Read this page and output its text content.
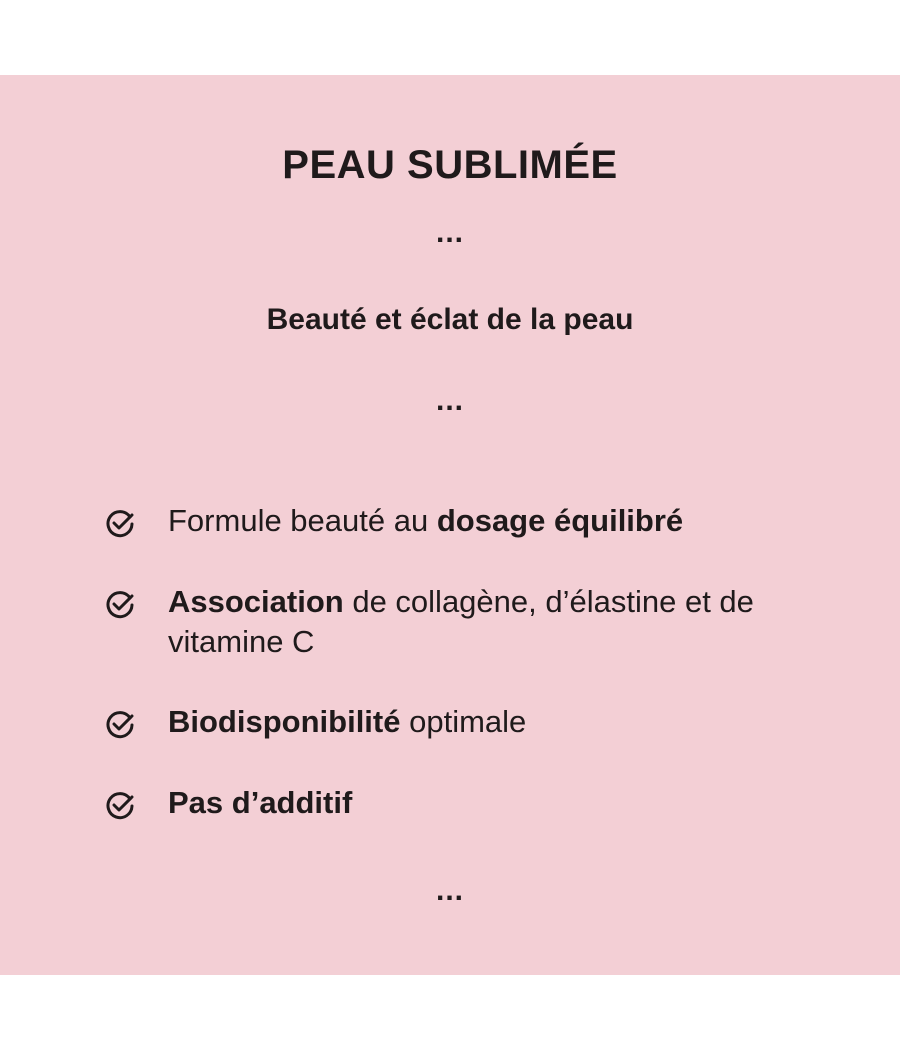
PEAU SUBLIMÉE
...
Beauté et éclat de la peau
...
Formule beauté au dosage équilibré
Association de collagène, d’élastine et de vitamine C
Biodisponibilité optimale
Pas d’additif
...
